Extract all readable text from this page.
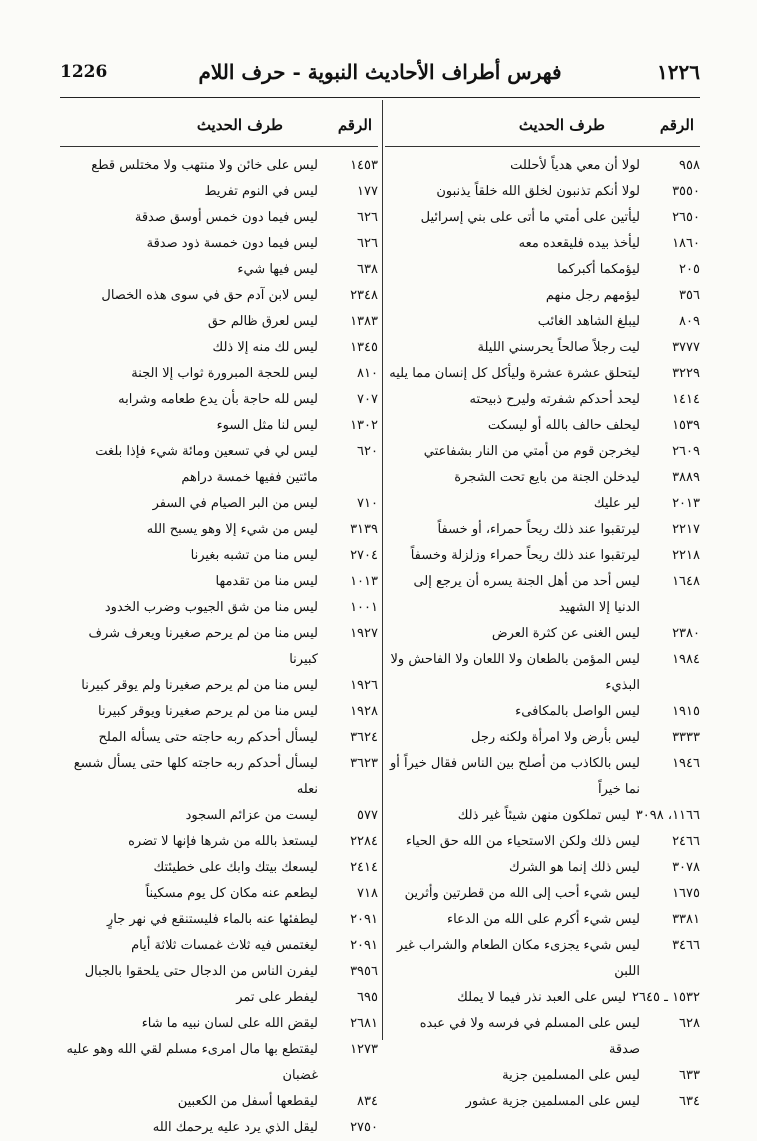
1226	فهرس أطراف الأحاديث النبوية - حرف اللام	١٢٢٦
الرقم
طرف الحديث
٩٥٨
لولا أن معي هدياً لأحللت
٣٥٥٠
لولا أنكم تذنبون لخلق الله خلقاً يذنبون
٢٦٥٠
ليأتين على أمتي ما أتى على بني إسرائيل
١٨٦٠
ليأخذ بيده فليقعده معه
٢٠٥
ليؤمكما أكبركما
٣٥٦
ليؤمهم رجل منهم
٨٠٩
ليبلغ الشاهد الغائب
٣٧٧٧
ليت رجلاً صالحاً يحرسني الليلة
٣٢٢٩
ليتحلق عشرة عشرة وليأكل كل إنسان مما يليه
١٤١٤
ليحد أحدكم شفرته وليرح ذبيحته
١٥٣٩
ليحلف حالف بالله أو ليسكت
٢٦٠٩
ليخرجن قوم من أمتي من النار بشفاعتي
٣٨٨٩
ليدخلن الجنة من بايع تحت الشجرة
٢٠١٣
لير عليك
٢٢١٧
ليرتقبوا عند ذلك ريحاً حمراء، أو خسفاً
٢٢١٨
ليرتقبوا عند ذلك ريحاً حمراء وزلزلة وخسفاً
١٦٤٨
ليس أحد من أهل الجنة يسره أن يرجع إلى الدنيا إلا الشهيد
٢٣٨٠
ليس الغنى عن كثرة العرض
١٩٨٤
ليس المؤمن بالطعان ولا اللعان ولا الفاحش ولا البذيء
١٩١٥
ليس الواصل بالمكافىء
٣٣٣٣
ليس بأرض ولا امرأة ولكنه رجل
١٩٤٦
ليس بالكاذب من أصلح بين الناس فقال خيراً أو نما خيراً
١١٦٦، ٣٠٩٨ليس تملكون منهن شيئاً غير ذلك
٢٤٦٦
ليس ذلك ولكن الاستحياء من الله حق الحياء
٣٠٧٨
ليس ذلك إنما هو الشرك
١٦٧٥
ليس شيء أحب إلى الله من قطرتين وأثرين
٣٣٨١
ليس شيء أكرم على الله من الدعاء
٣٤٦٦
ليس شيء يجزىء مكان الطعام والشراب غير اللبن
١٥٣٢ ـ ٢٦٤٥ليس على العبد نذر فيما لا يملك
٦٢٨
ليس على المسلم في فرسه ولا في عبده صدقة
٦٣٣
ليس على المسلمين جزية
٦٣٤
ليس على المسلمين جزية عشور
الرقم
طرف الحديث
١٤٥٣
ليس على خائن ولا منتهب ولا مختلس قطع
١٧٧
ليس في النوم تفريط
٦٢٦
ليس فيما دون خمس أوسق صدقة
٦٢٦
ليس فيما دون خمسة ذود صدقة
٦٣٨
ليس فيها شيء
٢٣٤٨
ليس لابن آدم حق في سوى هذه الخصال
١٣٨٣
ليس لعرق ظالم حق
١٣٤٥
ليس لك منه إلا ذلك
٨١٠
ليس للحجة المبرورة ثواب إلا الجنة
٧٠٧
ليس لله حاجة بأن يدع طعامه وشرابه
١٣٠٢
ليس لنا مثل السوء
٦٢٠
ليس لي في تسعين ومائة شيء فإذا بلغت مائتين ففيها خمسة دراهم
٧١٠
ليس من البر الصيام في السفر
٣١٣٩
ليس من شيء إلا وهو يسبح الله
٢٧٠٤
ليس منا من تشبه بغيرنا
١٠١٣
ليس منا من تقدمها
١٠٠١
ليس منا من شق الجيوب وضرب الخدود
١٩٢٧
ليس منا من لم يرحم صغيرنا ويعرف شرف كبيرنا
١٩٢٦
ليس منا من لم يرحم صغيرنا ولم يوقر كبيرنا
١٩٢٨
ليس منا من لم يرحم صغيرنا ويوقر كبيرنا
٣٦٢٤
ليسأل أحدكم ربه حاجته حتى يسأله الملح
٣٦٢٣
ليسأل أحدكم ربه حاجته كلها حتى يسأل شسع نعله
٥٧٧
ليست من عزائم السجود
٢٢٨٤
ليستعذ بالله من شرها فإنها لا تضره
٢٤١٤
ليسعك بيتك وابك على خطيئتك
٧١٨
ليطعم عنه مكان كل يوم مسكيناً
٢٠٩١
ليطفئها عنه بالماء فليستنقع في نهر جارٍ
٢٠٩١
ليغتمس فيه ثلاث غمسات ثلاثة أيام
٣٩٥٦
ليفرن الناس من الدجال حتى يلحقوا بالجبال
٦٩٥
ليفطر على تمر
٢٦٨١
ليقض الله على لسان نبيه ما شاء
١٢٧٣
ليقتطع بها مال امرىء مسلم لقي الله وهو عليه غضبان
٨٣٤
ليقطعها أسفل من الكعبين
٢٧٥٠
ليقل الذي يرد عليه يرحمك الله
